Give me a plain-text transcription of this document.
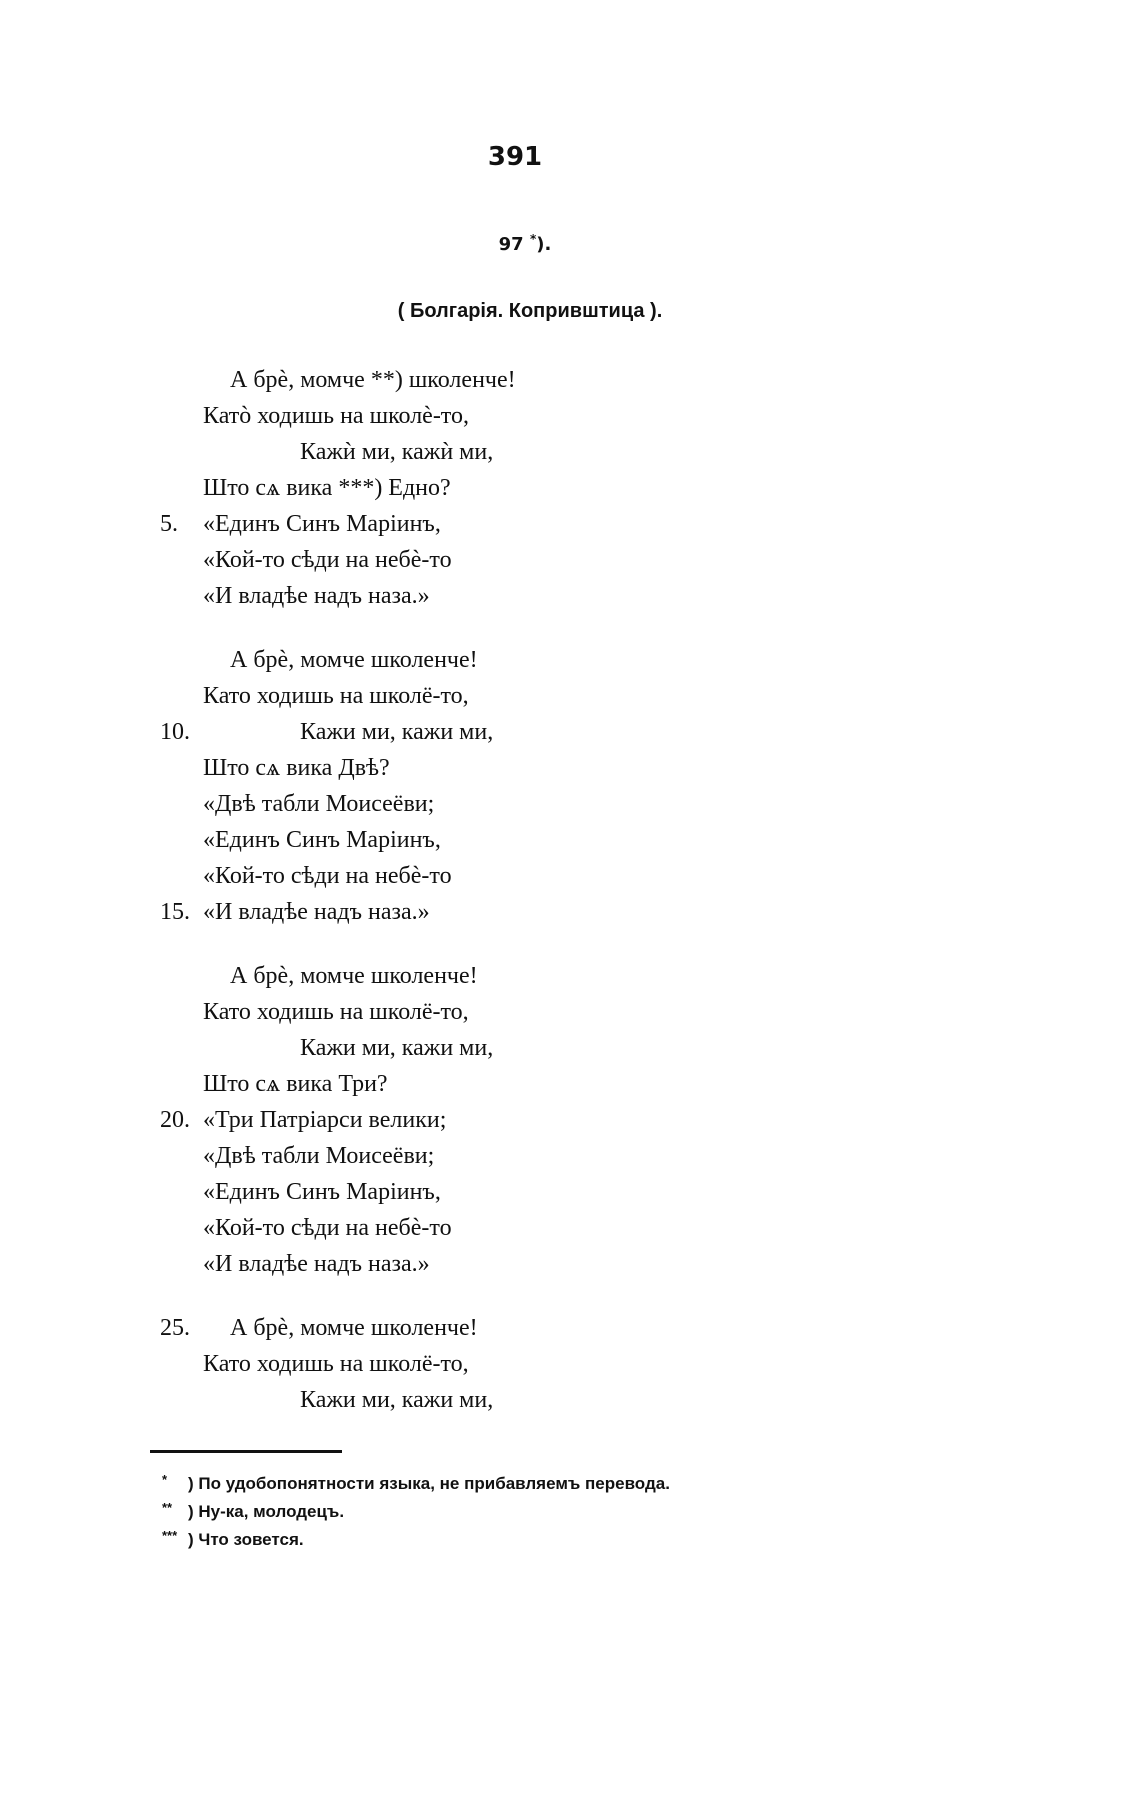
391
97 *).
( Болгарія. Копривштица ).
А брѐ, момче **) школенче!
Катò ходишь на школѐ-то,
Кажѝ ми, кажѝ ми,
Што сѧ вика ***) Едно?
5.	«Единъ Синъ Марiинъ,
«Кой-то сѣди на небѐ-то
«И владѣе надъ наза.»
А брѐ, момче школенче!
Като ходишь на школё-то,
10.	Кажи ми, кажи ми,
Што сѧ вика Двѣ?
«Двѣ табли Моисеёви;
«Единъ Синъ Марiинъ,
«Кой-то сѣди на небѐ-то
15. «И владѣе надъ наза.»
А брѐ, момче школенче!
Като ходишь на школё-то,
Кажи ми, кажи ми,
Што сѧ вика Три?
20. «Три Патрiарси велики;
«Двѣ табли Моисеёви;
«Единъ Синъ Марiинъ,
«Кой-то сѣди на небѐ-то
«И владѣе надъ наза.»
25.	А брѐ, момче школенче!
Като ходишь на школё-то,
Кажи ми, кажи ми,
* ) По удобопонятности языка, не прибавляемъ перевода.
** ) Ну-ка, молодецъ.
*** ) Что зовется.
